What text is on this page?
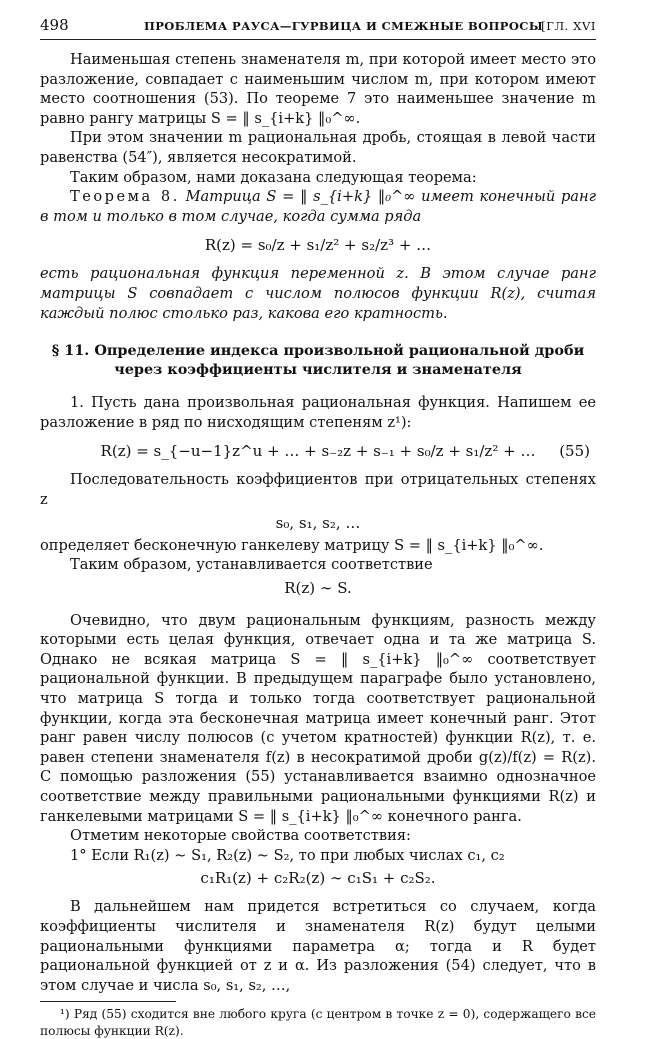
498	ПРОБЛЕМА РАУСА—ГУРВИЦА И СМЕЖНЫЕ ВОПРОСЫ
[ГЛ. XVI

Наименьшая степень знаменателя m, при которой имеет место это разложение, совпадает с наименьшим числом m, при котором имеют место соотношения (53). По теореме 7 это наименьшее значение m равно рангу матрицы S = ‖ s_{i+k} ‖₀^∞.

При этом значении m рациональная дробь, стоящая в левой части равенства (54″), является несократимой.

Таким образом, нами доказана следующая теорема:

Теорема 8. Матрица S = ‖ s_{i+k} ‖₀^∞ имеет конечный ранг в том и только в том случае, когда сумма ряда

R(z) = s₀/z + s₁/z² + s₂/z³ + …

есть рациональная функция переменной z. В этом случае ранг матрицы S совпадает с числом полюсов функции R(z), считая каждый полюс столько раз, какова его кратность.

§ 11. Определение индекса произвольной рациональной дроби
через коэффициенты числителя и знаменателя

1. Пусть дана произвольная рациональная функция. Напишем ее разложение в ряд по нисходящим степеням z¹):

R(z) = s_{−u−1}z^u + … + s₋₂z + s₋₁ + s₀/z + s₁/z² + … (55)

Последовательность коэффициентов при отрицательных степенях z

s₀, s₁, s₂, …

определяет бесконечную ганкелеву матрицу S = ‖ s_{i+k} ‖₀^∞.

Таким образом, устанавливается соответствие

R(z) ∼ S.

Очевидно, что двум рациональным функциям, разность между которыми есть целая функция, отвечает одна и та же матрица S. Однако не всякая матрица S = ‖ s_{i+k} ‖₀^∞ соответствует рациональной функции. В предыдущем параграфе было установлено, что матрица S тогда и только тогда соответствует рациональной функции, когда эта бесконечная матрица имеет конечный ранг. Этот ранг равен числу полюсов (с учетом кратностей) функции R(z), т. е. равен степени знаменателя f(z) в несократимой дроби g(z)/f(z) = R(z). С помощью разложения (55) устанавливается взаимно однозначное соответствие между правильными рациональными функциями R(z) и ганкелевыми матрицами S = ‖ s_{i+k} ‖₀^∞ конечного ранга.

Отметим некоторые свойства соответствия:

1° Если R₁(z) ∼ S₁, R₂(z) ∼ S₂, то при любых числах c₁, c₂

c₁R₁(z) + c₂R₂(z) ∼ c₁S₁ + c₂S₂.

В дальнейшем нам придется встретиться со случаем, когда коэффициенты числителя и знаменателя R(z) будут целыми рациональными функциями параметра α; тогда и R будет рациональной функцией от z и α. Из разложения (54) следует, что в этом случае и числа s₀, s₁, s₂, …,

¹) Ряд (55) сходится вне любого круга (с центром в точке z = 0), содержащего все полюсы функции R(z).
